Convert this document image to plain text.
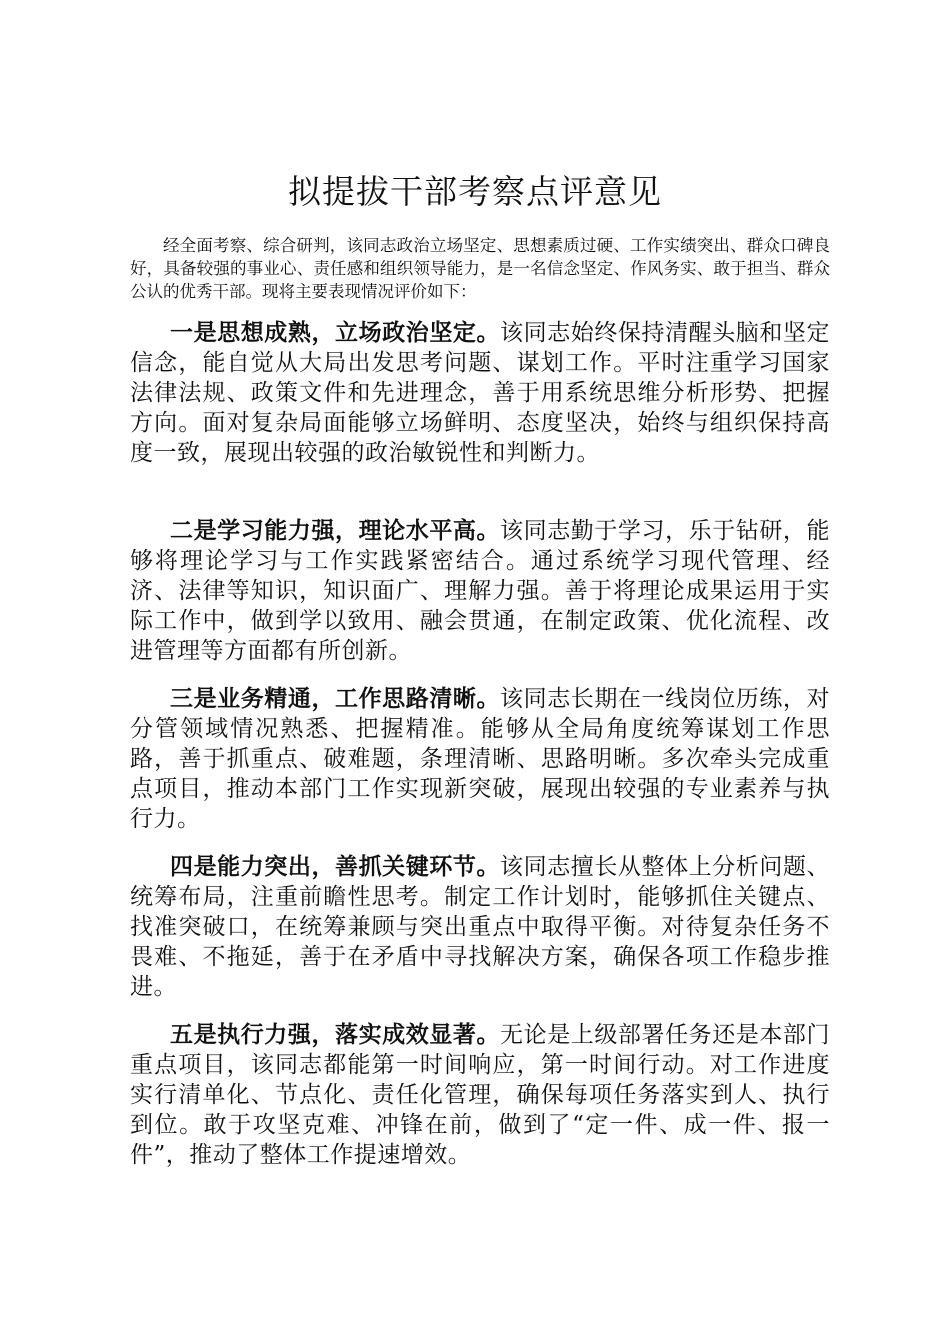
拟提拔干部考察点评意见

经全面考察、综合研判，该同志政治立场坚定、思想素质过硬、工作实绩突出、群众口碑良好，具备较强的事业心、责任感和组织领导能力，是一名信念坚定、作风务实、敢于担当、群众公认的优秀干部。现将主要表现情况评价如下：

一是思想成熟，立场政治坚定。该同志始终保持清醒头脑和坚定信念，能自觉从大局出发思考问题、谋划工作。平时注重学习国家法律法规、政策文件和先进理念，善于用系统思维分析形势、把握方向。面对复杂局面能够立场鲜明、态度坚决，始终与组织保持高度一致，展现出较强的政治敏锐性和判断力。

二是学习能力强，理论水平高。该同志勤于学习，乐于钻研，能够将理论学习与工作实践紧密结合。通过系统学习现代管理、经济、法律等知识，知识面广、理解力强。善于将理论成果运用于实际工作中，做到学以致用、融会贯通，在制定政策、优化流程、改进管理等方面都有所创新。

三是业务精通，工作思路清晰。该同志长期在一线岗位历练，对分管领域情况熟悉、把握精准。能够从全局角度统筹谋划工作思路，善于抓重点、破难题，条理清晰、思路明晰。多次牵头完成重点项目，推动本部门工作实现新突破，展现出较强的专业素养与执行力。

四是能力突出，善抓关键环节。该同志擅长从整体上分析问题、统筹布局，注重前瞻性思考。制定工作计划时，能够抓住关键点、找准突破口，在统筹兼顾与突出重点中取得平衡。对待复杂任务不畏难、不拖延，善于在矛盾中寻找解决方案，确保各项工作稳步推进。

五是执行力强，落实成效显著。无论是上级部署任务还是本部门重点项目，该同志都能第一时间响应，第一时间行动。对工作进度实行清单化、节点化、责任化管理，确保每项任务落实到人、执行到位。敢于攻坚克难、冲锋在前，做到了“定一件、成一件、报一件”，推动了整体工作提速增效。
